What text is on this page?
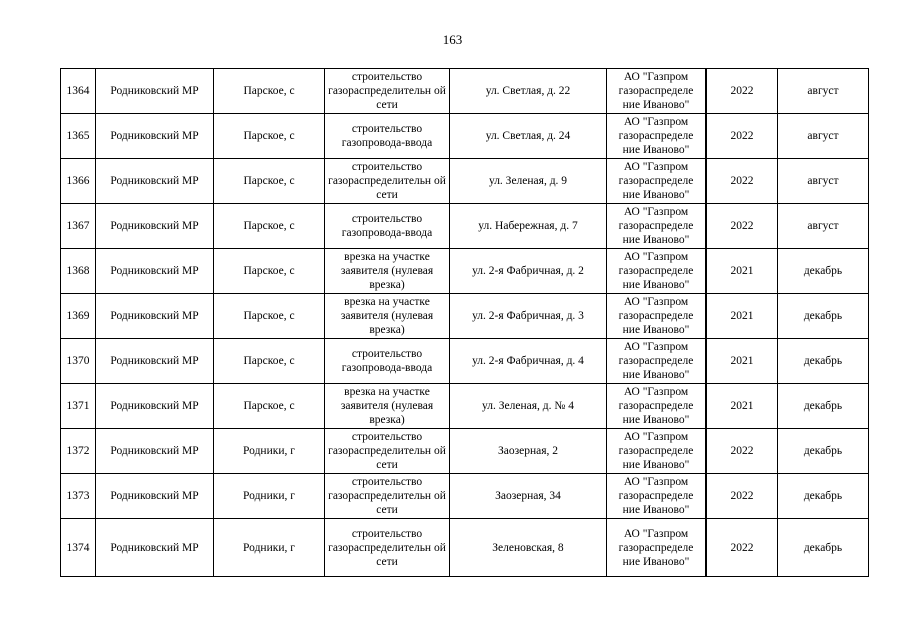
163
1364	Родниковский МР	Парское, с	строительство газораспределительн ой сети	ул. Светлая, д. 22	АО "Газпром газораспределе ние Иваново"	2022	август
1365	Родниковский МР	Парское, с	строительство газопровода-ввода	ул. Светлая, д. 24	АО "Газпром газораспределе ние Иваново"	2022	август
1366	Родниковский МР	Парское, с	строительство газораспределительн ой сети	ул. Зеленая, д. 9	АО "Газпром газораспределе ние Иваново"	2022	август
1367	Родниковский МР	Парское, с	строительство газопровода-ввода	ул. Набережная, д. 7	АО "Газпром газораспределе ние Иваново"	2022	август
1368	Родниковский МР	Парское, с	врезка на участке заявителя (нулевая врезка)	ул. 2-я Фабричная, д. 2	АО "Газпром газораспределе ние Иваново"	2021	декабрь
1369	Родниковский МР	Парское, с	врезка на участке заявителя (нулевая врезка)	ул. 2-я Фабричная, д. 3	АО "Газпром газораспределе ние Иваново"	2021	декабрь
1370	Родниковский МР	Парское, с	строительство газопровода-ввода	ул. 2-я Фабричная, д. 4	АО "Газпром газораспределе ние Иваново"	2021	декабрь
1371	Родниковский МР	Парское, с	врезка на участке заявителя (нулевая врезка)	ул. Зеленая, д. № 4	АО "Газпром газораспределе ние Иваново"	2021	декабрь
1372	Родниковский МР	Родники, г	строительство газораспределительн ой сети	Заозерная, 2	АО "Газпром газораспределе ние Иваново"	2022	декабрь
1373	Родниковский МР	Родники, г	строительство газораспределительн ой сети	Заозерная, 34	АО "Газпром газораспределе ние Иваново"	2022	декабрь
1374	Родниковский МР	Родники, г	строительство газораспределительн ой сети	Зеленовская, 8	АО "Газпром газораспределе ние Иваново"	2022	декабрь
